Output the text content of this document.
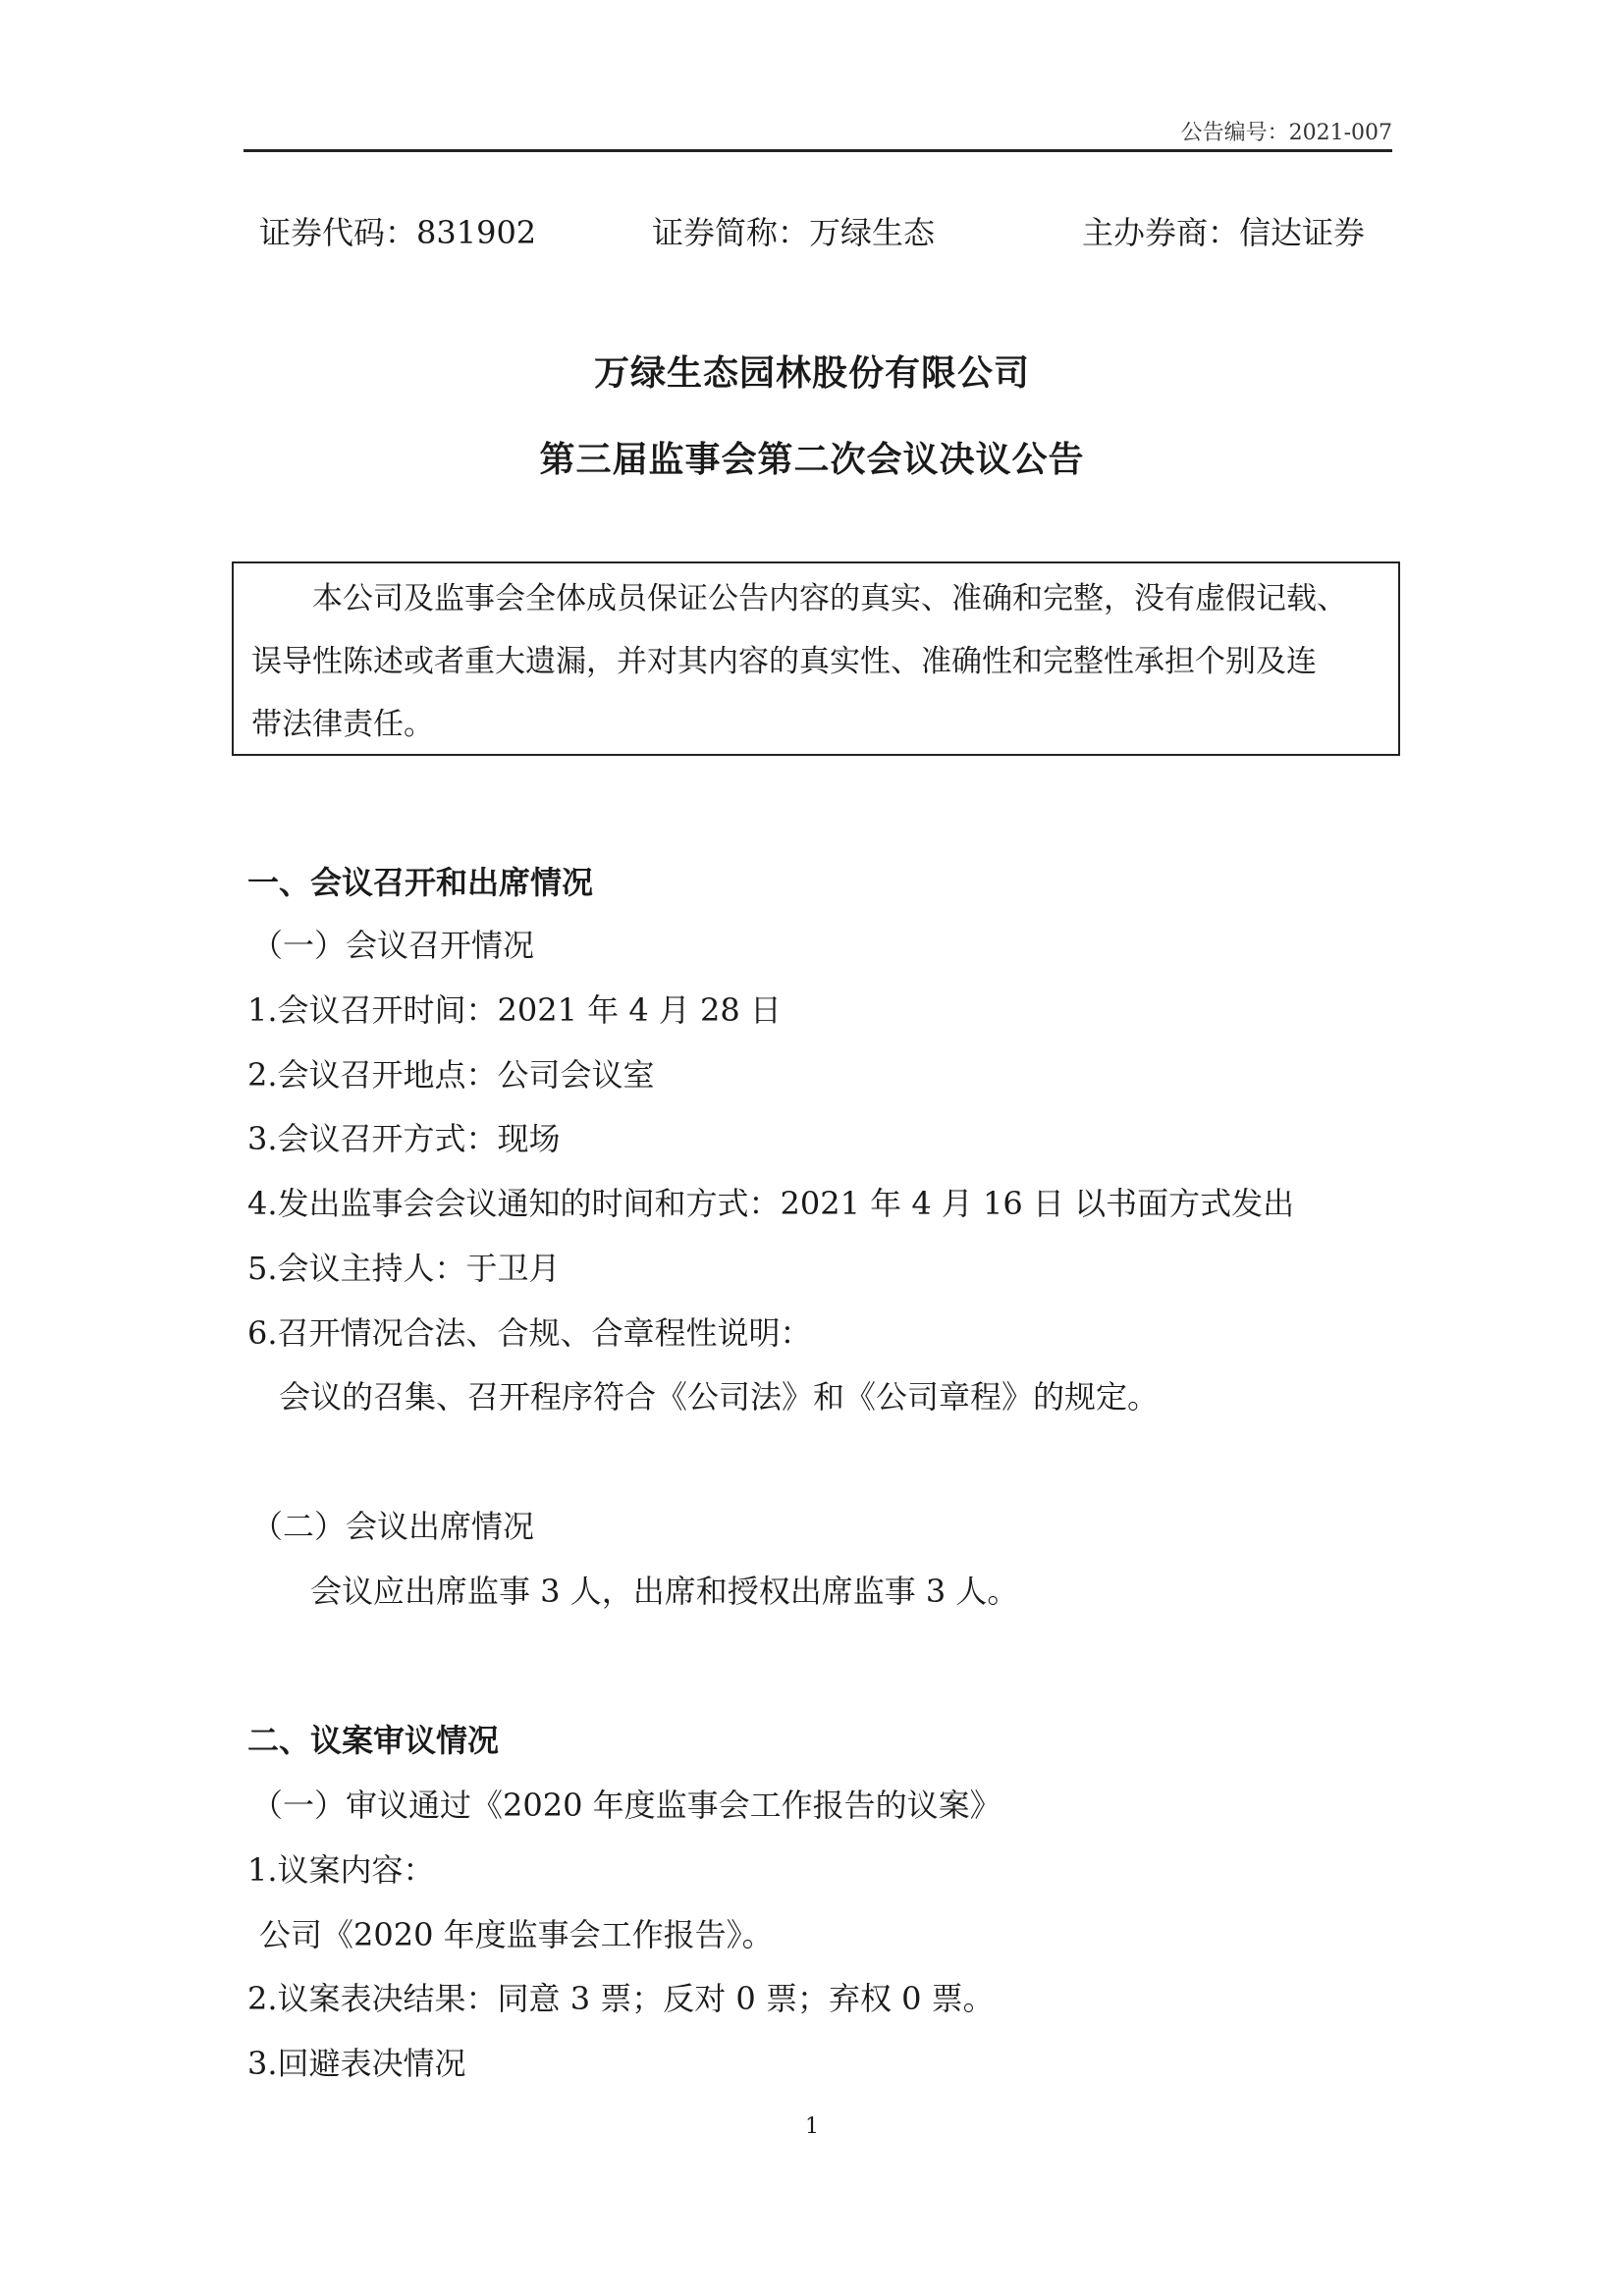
公告编号：2021-007
证券代码：831902	证券简称：万绿生态	主办券商：信达证券
万绿生态园林股份有限公司
第三届监事会第二次会议决议公告
本公司及监事会全体成员保证公告内容的真实、准确和完整，没有虚假记载、
误导性陈述或者重大遗漏，并对其内容的真实性、准确性和完整性承担个别及连
带法律责任。
一、会议召开和出席情况
（一）会议召开情况
1.会议召开时间：2021 年 4 月 28 日
2.会议召开地点：公司会议室
3.会议召开方式：现场
4.发出监事会会议通知的时间和方式：2021 年 4 月 16 日 以书面方式发出
5.会议主持人：于卫月
6.召开情况合法、合规、合章程性说明：
会议的召集、召开程序符合《公司法》和《公司章程》的规定。
（二）会议出席情况
会议应出席监事 3 人，出席和授权出席监事 3 人。
二、议案审议情况
（一）审议通过《2020 年度监事会工作报告的议案》
1.议案内容：
公司《2020 年度监事会工作报告》。
2.议案表决结果：同意 3 票；反对 0 票；弃权 0 票。
3.回避表决情况
1
